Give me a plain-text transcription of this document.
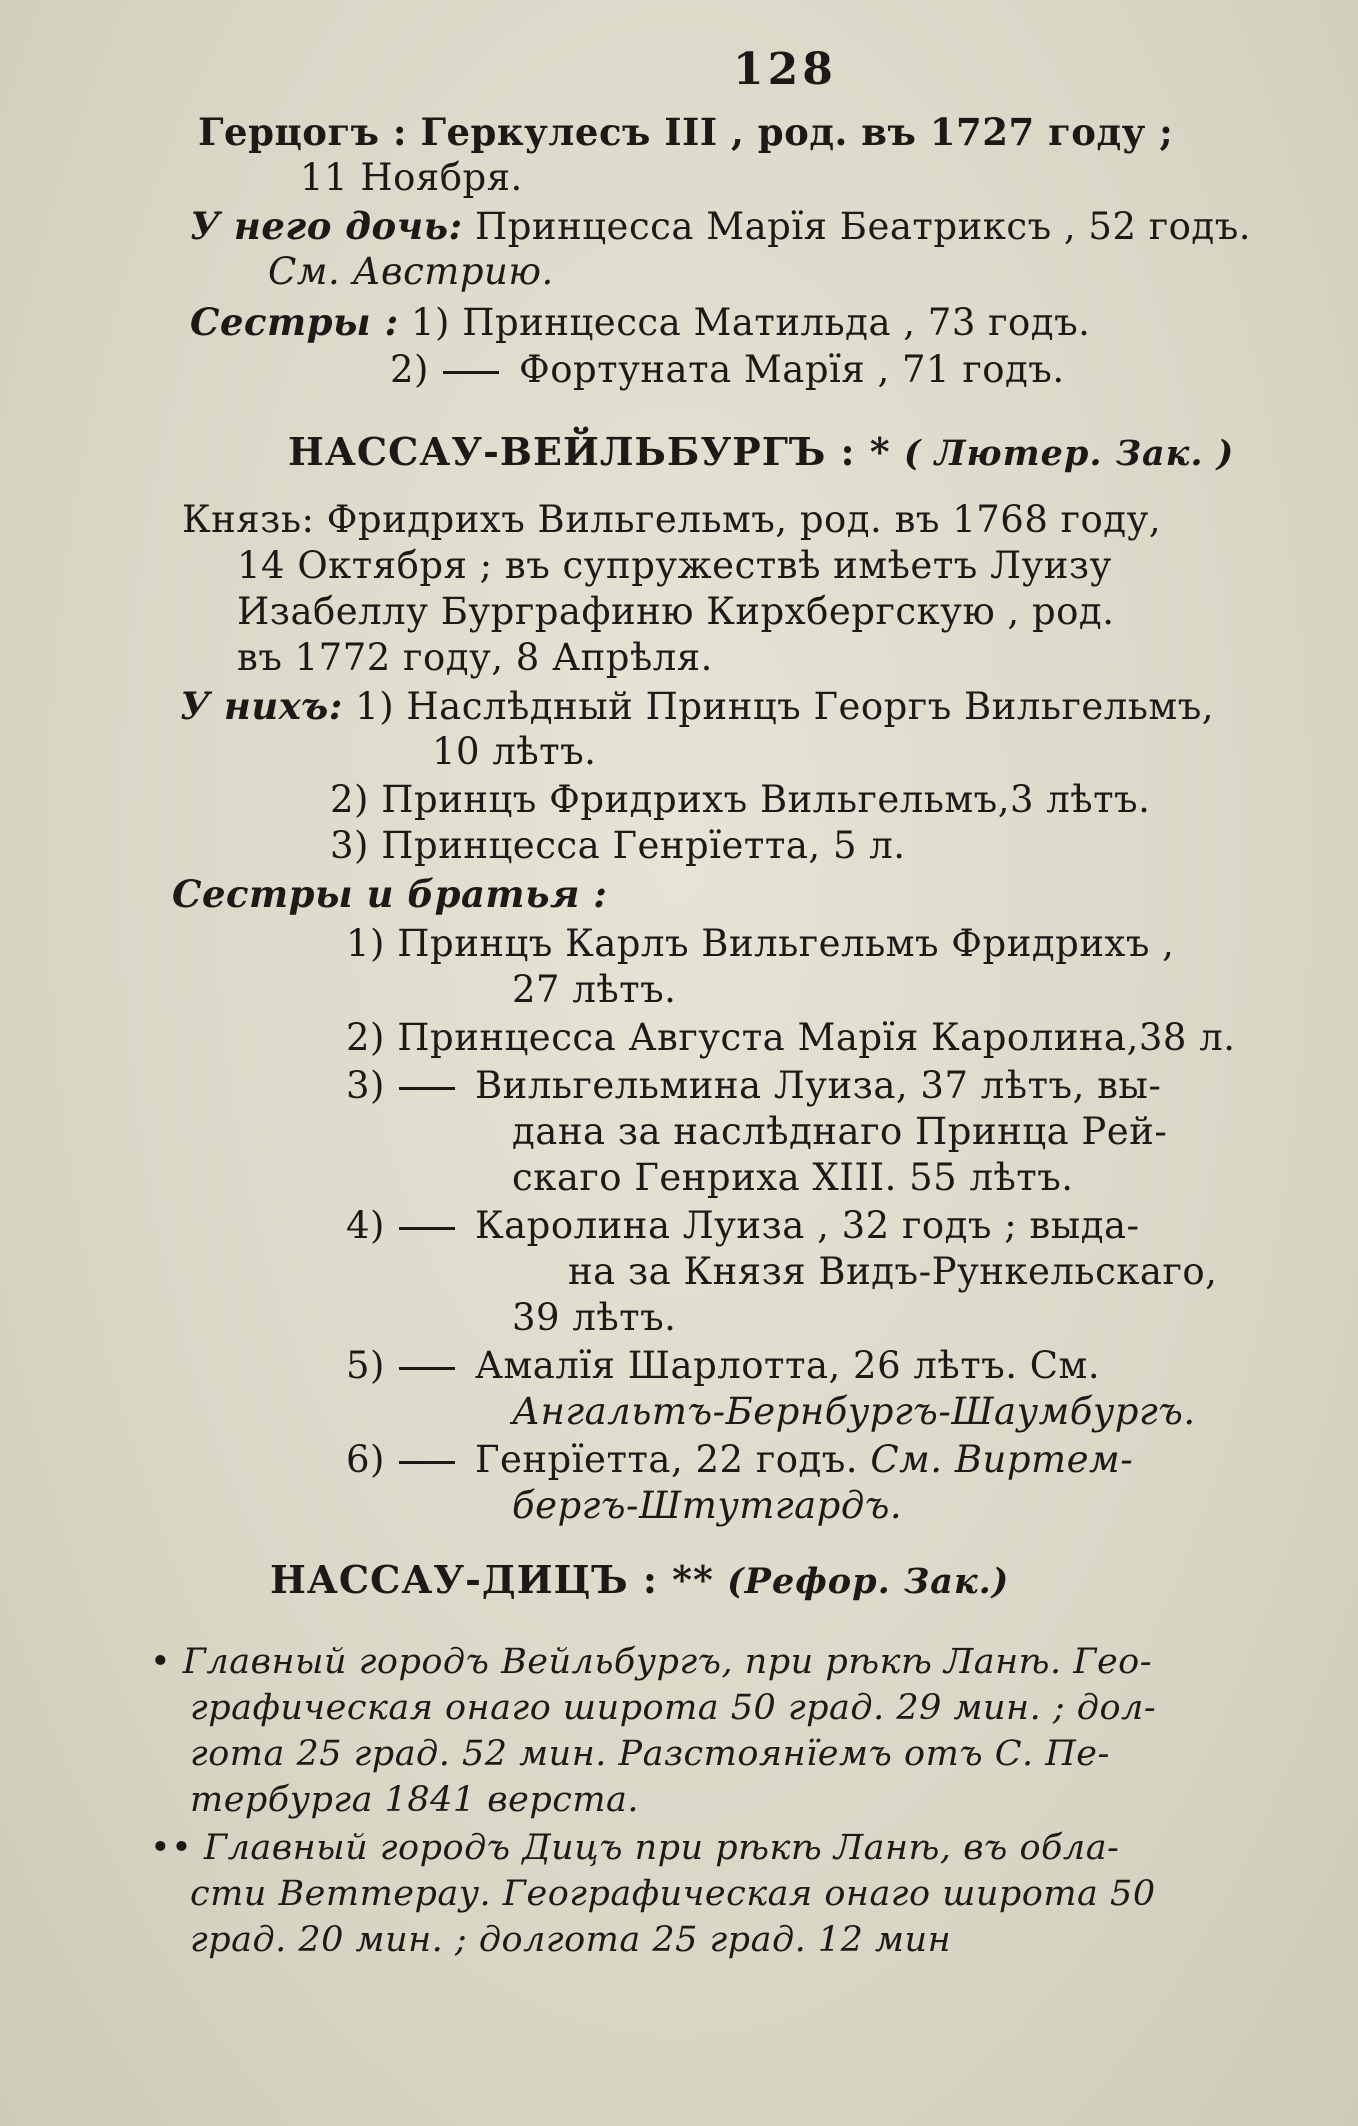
128
Герцогъ : Геркулесъ III , род. въ 1727 году ;
11 Ноября.
У него дочь: Принцесса Марїя Беатриксъ , 52 годъ.
См. Австрию.
Сестры : 1) Принцесса Матильда , 73 годъ.
2) Фортуната Марїя , 71 годъ.
НАССАУ-ВЕЙЛЬБУРГЪ : * ( Лютер. Зак. )
Князь: Фридрихъ Вильгельмъ, род. въ 1768 году,
14 Октября ; въ супружествѣ имѣетъ Луизу
Изабеллу Бурграфиню Кирхбергскую , род.
въ 1772 году, 8 Апрѣля.
У нихъ: 1) Наслѣдный Принцъ Георгъ Вильгельмъ,
10 лѣтъ.
2) Принцъ Фридрихъ Вильгельмъ,3 лѣтъ.
3) Принцесса Генрїетта, 5 л.
Сестры и братья :
1) Принцъ Карлъ Вильгельмъ Фридрихъ ,
27 лѣтъ.
2) Принцесса Августа Марїя Каролина,38 л.
3) Вильгельмина Луиза, 37 лѣтъ, вы-
дана за наслѣднаго Принца Рей-
скаго Генриха XIII. 55 лѣтъ.
4) Каролина Луиза , 32 годъ ; выда-
на за Князя Видъ-Рункельскаго,
39 лѣтъ.
5) Амалїя Шарлотта, 26 лѣтъ. См.
Ангальтъ-Бернбургъ-Шаумбургъ.
6) Генрїетта, 22 годъ. См. Виртем-
бергъ-Штутгардъ.
НАССАУ-ДИЦЪ : ** (Рефор. Зак.)
• Главный городъ Вейльбургъ, при рѣкѣ Ланѣ. Гео-
графическая онаго широта 50 град. 29 мин. ; дол-
гота 25 град. 52 мин. Разстоянїемъ отъ С. Пе-
тербурга 1841 верста.
•• Главный городъ Дицъ при рѣкѣ Ланѣ, въ обла-
сти Веттерау. Географическая онаго широта 50
град. 20 мин. ; долгота 25 град. 12 мин
